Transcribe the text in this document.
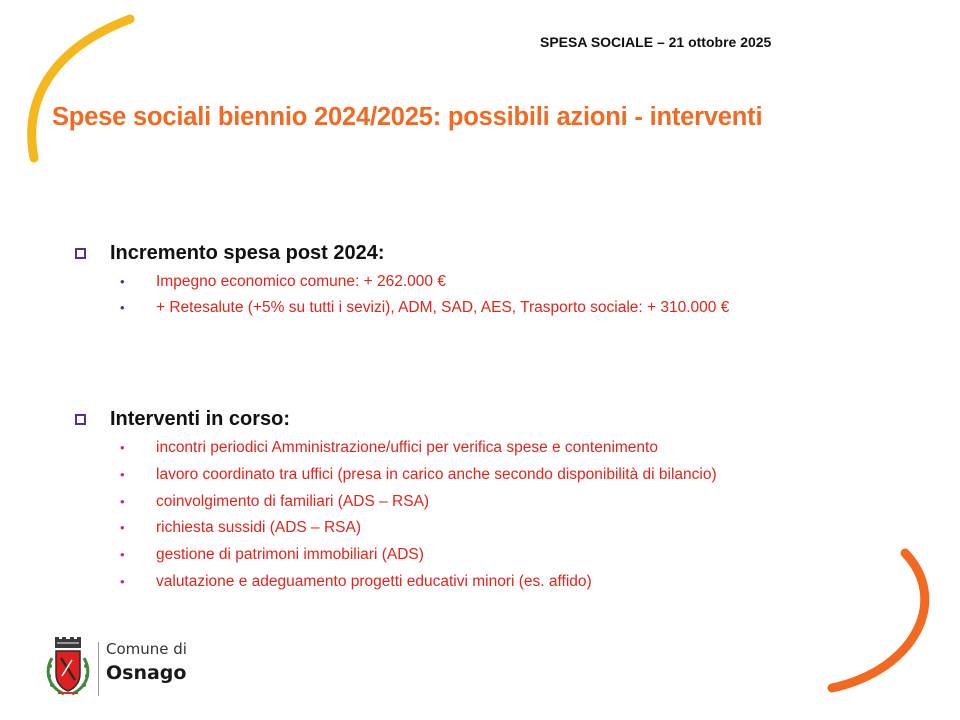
SPESA SOCIALE – 21 ottobre 2025
Spese sociali biennio 2024/2025: possibili azioni - interventi
Incremento spesa post 2024:
• Impegno economico comune: + 262.000 €
• + Retesalute (+5% su tutti i sevizi), ADM, SAD, AES, Trasporto sociale: + 310.000 €
Interventi in corso:
• incontri periodici Amministrazione/uffici per verifica spese e contenimento
• lavoro coordinato tra uffici (presa in carico anche secondo disponibilità di bilancio)
• coinvolgimento di familiari (ADS – RSA)
• richiesta sussidi (ADS – RSA)
• gestione di patrimoni immobiliari (ADS)
• valutazione e adeguamento progetti educativi minori (es. affido)
Comune di
Osnago
